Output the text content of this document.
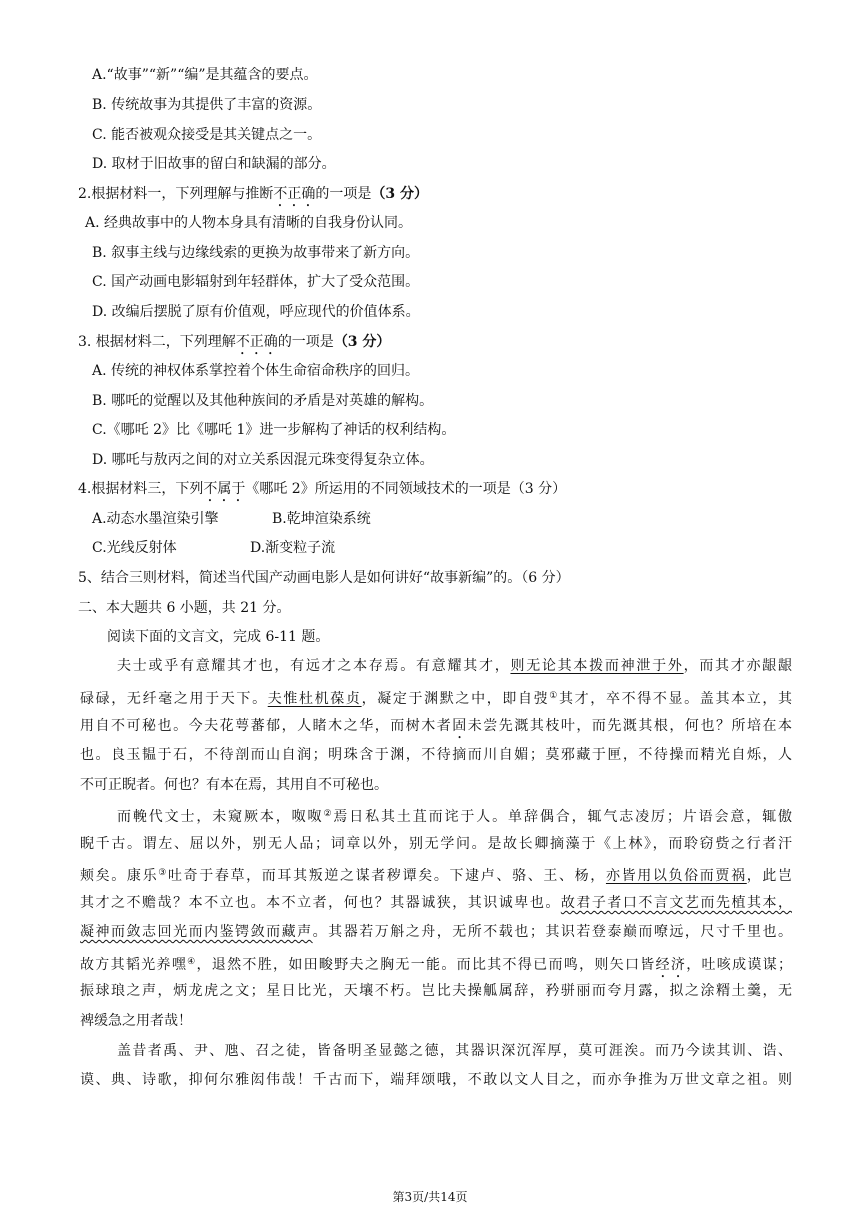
A.“故事”“新”“编”是其蕴含的要点。
B. 传统故事为其提供了丰富的资源。
C. 能否被观众接受是其关键点之一。
D. 取材于旧故事的留白和缺漏的部分。
2.根据材料一，下列理解与推断不正确的一项是（3 分）
A. 经典故事中的人物本身具有清晰的自我身份认同。
B. 叙事主线与边缘线索的更换为故事带来了新方向。
C. 国产动画电影辐射到年轻群体，扩大了受众范围。
D. 改编后摆脱了原有价值观，呼应现代的价值体系。
3. 根据材料二，下列理解不正确的一项是（3 分）
A. 传统的神权体系掌控着个体生命宿命秩序的回归。
B. 哪吒的觉醒以及其他种族间的矛盾是对英雄的解构。
C.《哪吒 2》比《哪吒 1》进一步解构了神话的权利结构。
D. 哪吒与敖丙之间的对立关系因混元珠变得复杂立体。
4.根据材料三，下列不属于《哪吒 2》所运用的不同领域技术的一项是（3 分）
A.动态水墨渲染引擎	B.乾坤渲染系统
C.光线反射体	D.渐变粒子流
5、结合三则材料，简述当代国产动画电影人是如何讲好“故事新编”的。（6 分）
二、本大题共 6 小题，共 21 分。
阅读下面的文言文，完成 6-11 题。
夫士或乎有意耀其才也，有远才之本存焉。有意耀其才，则无论其本拨而神泄于外，而其才亦龈龈
碌碌，无纤毫之用于天下。夫惟杜机葆贞，凝定于渊默之中，即自弢①其才，卒不得不显。盖其本立，其
用自不可秘也。今夫花萼蕃郁，人睹木之华，而树木者固未尝先溉其枝叶，而先溉其根，何也？所培在本
也。良玉韫于石，不待剖而山自润；明珠含于渊，不待摘而川自媚；莫邪藏于匣，不待操而精光自烁，人
不可正睨者。何也？有本在焉，其用自不可秘也。
而輓代文士，未窥厥本，呶呶②焉日私其土苴而诧于人。单辞偶合，辄气志凌厉；片语会意，辄傲
睨千古。谓左、屈以外，别无人品；词章以外，别无学问。是故长卿摘藻于《上林》，而聆窃赀之行者汗
颊矣。康乐③吐奇于春草，而耳其叛逆之谋者秽谭矣。下逮卢、骆、王、杨，亦皆用以负俗而贾祸，此岂
其才之不赡哉？本不立也。本不立者，何也？其器诚狭，其识诚卑也。故君子者口不言文艺而先植其本，
凝神而敛志回光而内鉴锷敛而藏声。其器若万斛之舟，无所不载也；其识若登泰巅而嘹远，尺寸千里也。
故方其韬光养嘿④，退然不胜，如田畯野夫之胸无一能。而比其不得已而鸣，则矢口皆经济，吐咳成谟谋；
振球琅之声，炳龙虎之文；星日比光，天壤不朽。岂比夫操觚属辞，矜骈丽而夸月露，拟之涂糈土羹，无
裨缓急之用者哉！
盖昔者禹、尹、虺、召之徒，皆备明圣显懿之德，其器识深沉浑厚，莫可涯涘。而乃今读其训、诰、
谟、典、诗歌，抑何尔雅闳伟哉！千古而下，端拜颂哦，不敢以文人目之，而亦争推为万世文章之祖。则
第3页/共14页
